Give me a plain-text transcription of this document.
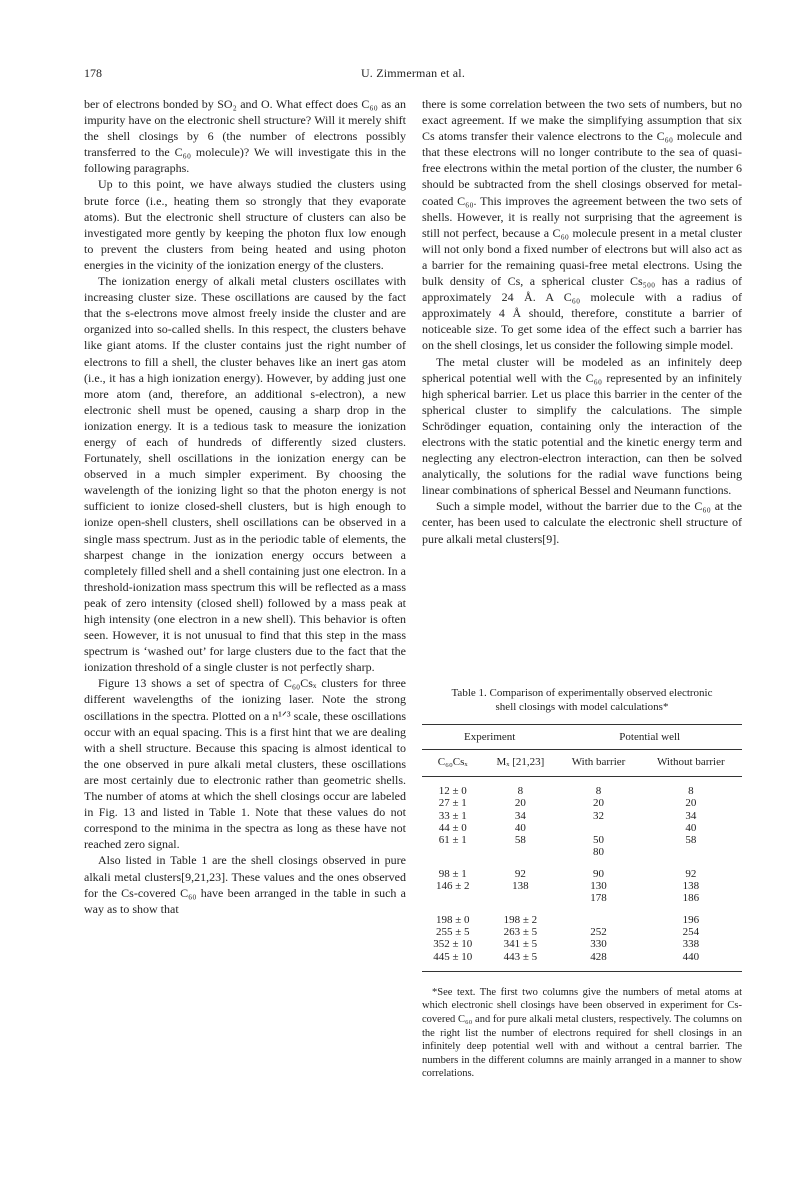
178	U. Zimmerman et al.

ber of electrons bonded by SO₂ and O. What effect does C₆₀ as an impurity have on the electronic shell structure? Will it merely shift the shell closings by 6 (the number of electrons possibly transferred to the C₆₀ molecule)? We will investigate this in the following paragraphs.

Up to this point, we have always studied the clusters using brute force (i.e., heating them so strongly that they evaporate atoms). But the electronic shell structure of clusters can also be investigated more gently by keeping the photon flux low enough to prevent the clusters from being heated and using photon energies in the vicinity of the ionization energy of the clusters.

The ionization energy of alkali metal clusters oscillates with increasing cluster size. These oscillations are caused by the fact that the s-electrons move almost freely inside the cluster and are organized into so-called shells. In this respect, the clusters behave like giant atoms. If the cluster contains just the right number of electrons to fill a shell, the cluster behaves like an inert gas atom (i.e., it has a high ionization energy). However, by adding just one more atom (and, therefore, an additional s-electron), a new electronic shell must be opened, causing a sharp drop in the ionization energy. It is a tedious task to measure the ionization energy of each of hundreds of differently sized clusters. Fortunately, shell oscillations in the ionization energy can be observed in a much simpler experiment. By choosing the wavelength of the ionizing light so that the photon energy is not sufficient to ionize closed-shell clusters, but is high enough to ionize open-shell clusters, shell oscillations can be observed in a single mass spectrum. Just as in the periodic table of elements, the sharpest change in the ionization energy occurs between a completely filled shell and a shell containing just one electron. In a threshold-ionization mass spectrum this will be reflected as a mass peak of zero intensity (closed shell) followed by a mass peak at high intensity (one electron in a new shell). This behavior is often seen. However, it is not unusual to find that this step in the mass spectrum is ‘washed out’ for large clusters due to the fact that the ionization threshold of a single cluster is not perfectly sharp.

Figure 13 shows a set of spectra of C₆₀Csₓ clusters for three different wavelengths of the ionizing laser. Note the strong oscillations in the spectra. Plotted on a n¹ᐟ³ scale, these oscillations occur with an equal spacing. This is a first hint that we are dealing with a shell structure. Because this spacing is almost identical to the one observed in pure alkali metal clusters, these oscillations are most certainly due to electronic rather than geometric shells. The number of atoms at which the shell closings occur are labeled in Fig. 13 and listed in Table 1. Note that these values do not correspond to the minima in the spectra as long as these have not reached zero signal.

Also listed in Table 1 are the shell closings observed in pure alkali metal clusters[9,21,23]. These values and the ones observed for the Cs-covered C₆₀ have been arranged in the table in such a way as to show that

there is some correlation between the two sets of numbers, but no exact agreement. If we make the simplifying assumption that six Cs atoms transfer their valence electrons to the C₆₀ molecule and that these electrons will no longer contribute to the sea of quasi-free electrons within the metal portion of the cluster, the number 6 should be subtracted from the shell closings observed for metal-coated C₆₀. This improves the agreement between the two sets of shells. However, it is really not surprising that the agreement is still not perfect, because a C₆₀ molecule present in a metal cluster will not only bond a fixed number of electrons but will also act as a barrier for the remaining quasi-free metal electrons. Using the bulk density of Cs, a spherical cluster Cs₅₀₀ has a radius of approximately 24 Å. A C₆₀ molecule with a radius of approximately 4 Å should, therefore, constitute a barrier of noticeable size. To get some idea of the effect such a barrier has on the shell closings, let us consider the following simple model.

The metal cluster will be modeled as an infinitely deep spherical potential well with the C₆₀ represented by an infinitely high spherical barrier. Let us place this barrier in the center of the spherical cluster to simplify the calculations. The simple Schrödinger equation, containing only the interaction of the electrons with the static potential and the kinetic energy term and neglecting any electron-electron interaction, can then be solved analytically, the solutions for the radial wave functions being linear combinations of spherical Bessel and Neumann functions.

Such a simple model, without the barrier due to the C₆₀ at the center, has been used to calculate the electronic shell structure of pure alkali metal clusters[9].

Table 1. Comparison of experimentally observed electronic
shell closings with model calculations*
Experiment		Potential well	
C₆₀Csₓ	Mₓ [21,23]	With barrier	Without barrier
12 ± 0	8	8	8
27 ± 1	20	20	20
33 ± 1	34	32	34
44 ± 0	40		40
61 ± 1	58	50	58
		80	
98 ± 1	92	90	92
146 ± 2	138	130	138
		178	186
198 ± 0	198 ± 2		196
255 ± 5	263 ± 5	252	254
352 ± 10	341 ± 5	330	338
445 ± 10	443 ± 5	428	440

*See text. The first two columns give the numbers of metal atoms at which electronic shell closings have been observed in experiment for Cs-covered C₆₀ and for pure alkali metal clusters, respectively. The columns on the right list the number of electrons required for shell closings in an infinitely deep potential well with and without a central barrier. The numbers in the different columns are mainly arranged in a manner to show correlations.
